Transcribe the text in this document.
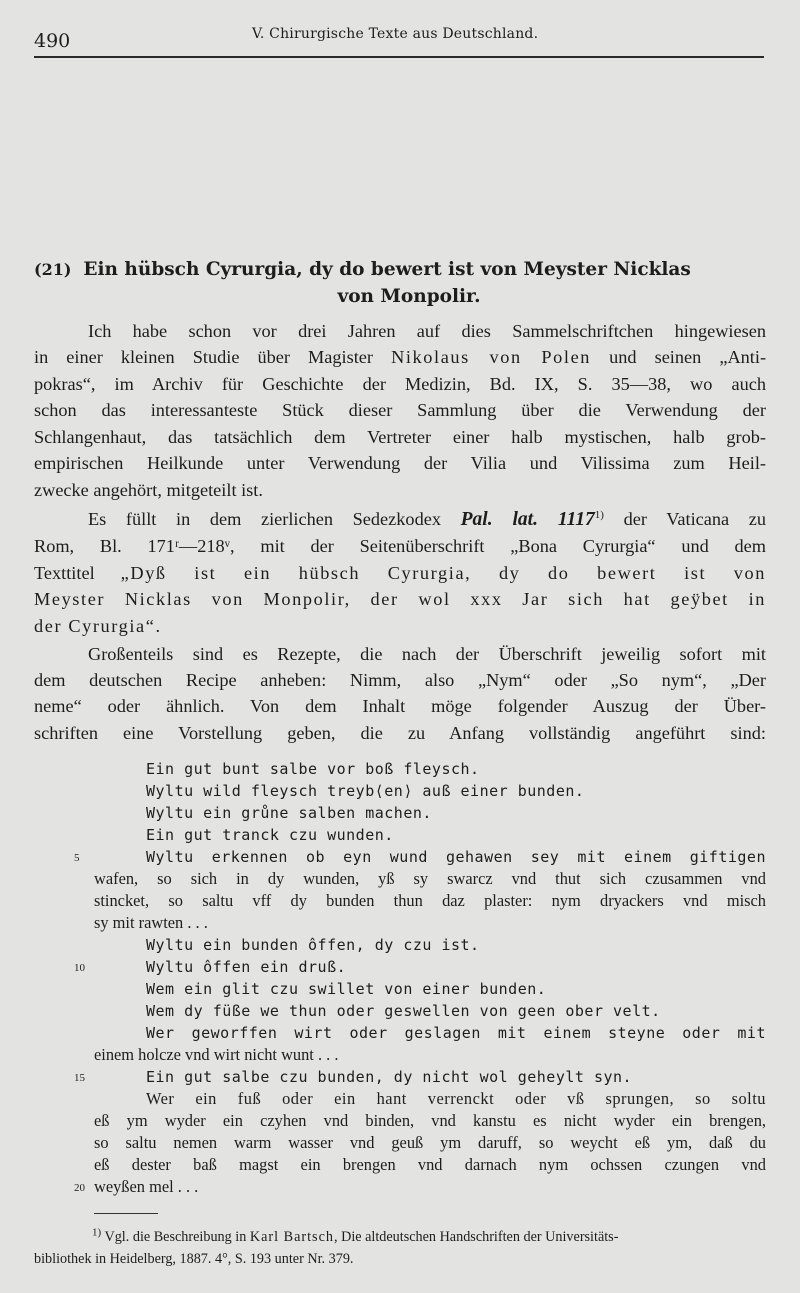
490	V. Chirurgische Texte aus Deutschland.
(21) Ein hübsch Cyrurgia, dy do bewert ist von Meyster Nicklas
von Monpolir.

Ich habe schon vor drei Jahren auf dies Sammelschriftchen hingewiesen

in einer kleinen Studie über Magister Nikolaus von Polen und seinen „Anti-

pokras“, im Archiv für Geschichte der Medizin, Bd. IX, S. 35—38, wo auch

schon das interessanteste Stück dieser Sammlung über die Verwendung der

Schlangenhaut, das tatsächlich dem Vertreter einer halb mystischen, halb grob-

empirischen Heilkunde unter Verwendung der Vilia und Vilissima zum Heil-

zwecke angehört, mitgeteilt ist.

Es füllt in dem zierlichen Sedezkodex Pal. lat. 1117$^{1)}$ der Vaticana zu

Rom, Bl. 171ʳ—218ᵛ, mit der Seitenüberschrift „Bona Cyrurgia“ und dem

Texttitel „Dyß ist ein hübsch Cyrurgia, dy do bewert ist von

Meyster Nicklas von Monpolir, der wol xxx Jar sich hat geÿbet in

der Cyrurgia“.

Großenteils sind es Rezepte, die nach der Überschrift jeweilig sofort mit

dem deutschen Recipe anheben: Nimm, also „Nym“ oder „So nym“, „Der

neme“ oder ähnlich. Von dem Inhalt möge folgender Auszug der Über-

schriften eine Vorstellung geben, die zu Anfang vollständig angeführt sind:

Ein gut bunt salbe vor boß fleysch.

Wyltu wild fleysch treyb⟨en⟩ auß einer bunden.

Wyltu ein grůne salben machen.

Ein gut tranck czu wunden.

Wyltu erkennen ob eyn wund gehawen sey mit einem giftigen

wafen, so sich in dy wunden, yß sy swarcz vnd thut sich czusammen vnd

stincket, so saltu vff dy bunden thun daz plaster: nym dryackers vnd misch

sy mit rawten . . .

Wyltu ein bunden ôffen, dy czu ist.

Wyltu ôffen ein druß.

Wem ein glit czu swillet von einer bunden.

Wem dy füße we thun oder geswellen von geen ober velt.

Wer geworffen wirt oder geslagen mit einem steyne oder mit

einem holcze vnd wirt nicht wunt . . .

Ein gut salbe czu bunden, dy nicht wol geheylt syn.

Wer ein fuß oder ein hant verrenckt oder vß sprungen, so soltu

eß ym wyder ein czyhen vnd binden, vnd kanstu es nicht wyder ein brengen,

so saltu nemen warm wasser vnd geuß ym daruff, so weycht eß ym, daß du

eß dester baß magst ein brengen vnd darnach nym ochssen czungen vnd

weyßen mel . . .

5
10
15
20

$^{1)}$ Vgl. die Beschreibung in Karl Bartsch, Die altdeutschen Handschriften der Universitäts-

bibliothek in Heidelberg, 1887. 4°, S. 193 unter Nr. 379.
